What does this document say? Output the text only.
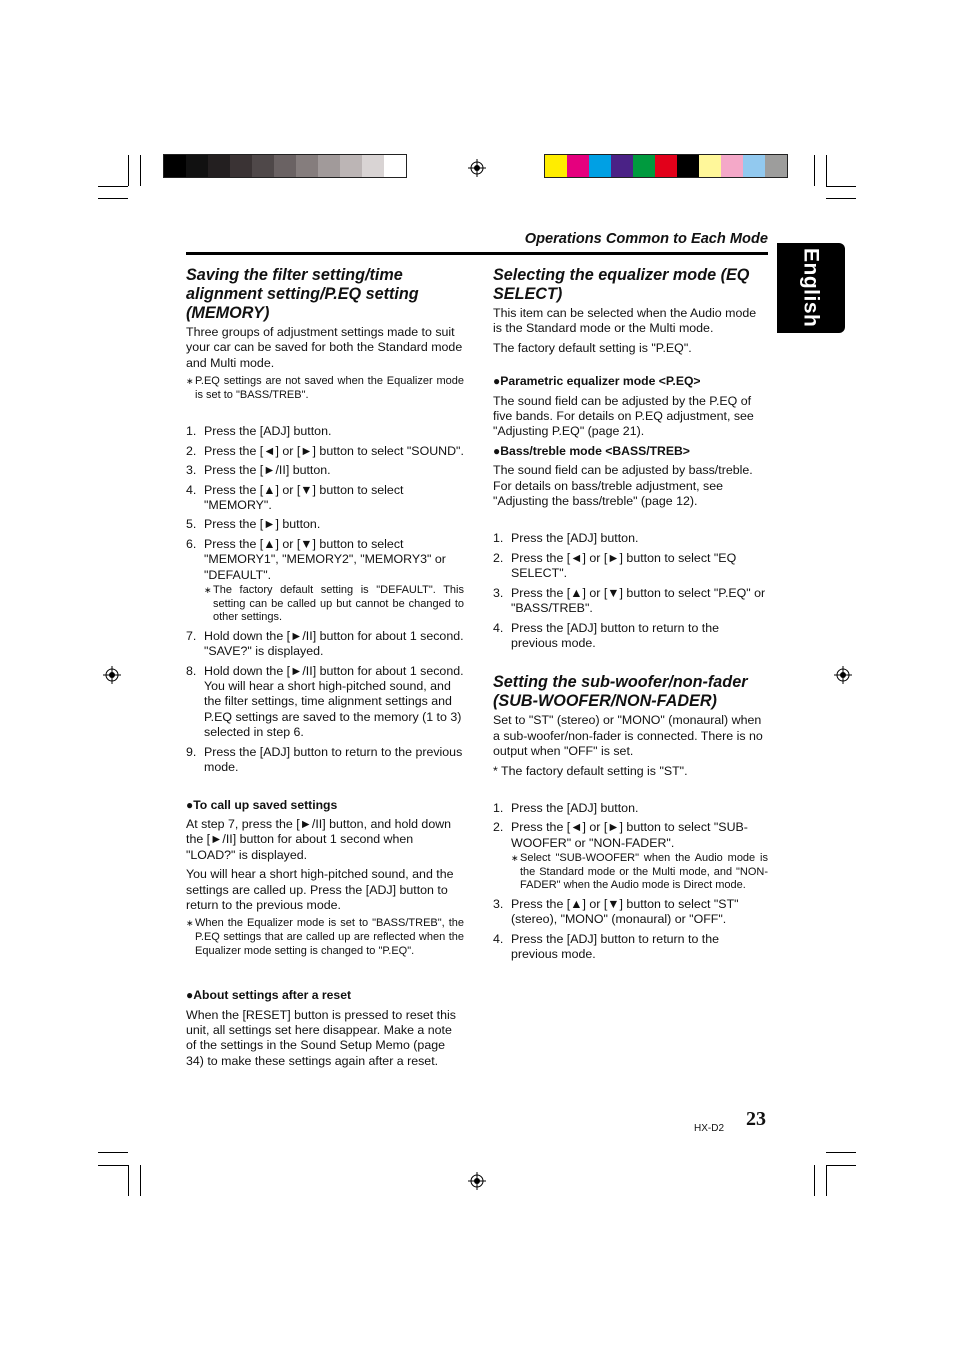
Operations Common to Each Mode
English
Saving the filter setting/time alignment setting/P.EQ setting (MEMORY)

Three groups of adjustment settings made to suit your car can be saved for both the Standard mode and Multi mode.

∗ P.EQ settings are not saved when the Equalizer mode is set to "BASS/TREB".

1. Press the [ADJ] button.
2. Press the [◄] or [►] button to select "SOUND".
3. Press the [►/II] button.
4. Press the [▲] or [▼] button to select "MEMORY".
5. Press the [►] button.
6. Press the [▲] or [▼] button to select "MEMORY1", "MEMORY2", "MEMORY3" or "DEFAULT".
∗ The factory default setting is "DEFAULT". This setting can be called up but cannot be changed to other settings.
7. Hold down the [►/II] button for about 1 second. "SAVE?" is displayed.
8. Hold down the [►/II] button for about 1 second. You will hear a short high-pitched sound, and the filter settings, time alignment settings and P.EQ settings are saved to the memory (1 to 3) selected in step 6.
9. Press the [ADJ] button to return to the previous mode.
●To call up saved settings

At step 7, press the [►/II] button, and hold down the [►/II] button for about 1 second when "LOAD?" is displayed.

You will hear a short high-pitched sound, and the settings are called up. Press the [ADJ] button to return to the previous mode.

∗ When the Equalizer mode is set to "BASS/TREB", the P.EQ settings that are called up are reflected when the Equalizer mode setting is changed to "P.EQ".

●About settings after a reset

When the [RESET] button is pressed to reset this unit, all settings set here disappear. Make a note of the settings in the Sound Setup Memo (page 34) to make these settings again after a reset.

Selecting the equalizer mode (EQ SELECT)

This item can be selected when the Audio mode is the Standard mode or the Multi mode.

The factory default setting is "P.EQ".

●Parametric equalizer mode <P.EQ>

The sound field can be adjusted by the P.EQ of five bands. For details on P.EQ adjustment, see "Adjusting P.EQ" (page 21).

●Bass/treble mode <BASS/TREB>

The sound field can be adjusted by bass/treble. For details on bass/treble adjustment, see "Adjusting the bass/treble" (page 12).

1. Press the [ADJ] button.
2. Press the [◄] or [►] button to select "EQ SELECT".
3. Press the [▲] or [▼] button to select "P.EQ" or "BASS/TREB".
4. Press the [ADJ] button to return to the previous mode.
Setting the sub-woofer/non-fader (SUB-WOOFER/NON-FADER)

Set to "ST" (stereo) or "MONO" (monaural) when a sub-woofer/non-fader is connected. There is no output when "OFF" is set.

* The factory default setting is "ST".

1. Press the [ADJ] button.
2. Press the [◄] or [►] button to select "SUB-WOOFER" or "NON-FADER".
∗ Select "SUB-WOOFER" when the Audio mode is the Standard mode or the Multi mode, and "NON-FADER" when the Audio mode is Direct mode.
3. Press the [▲] or [▼] button to select "ST" (stereo), "MONO" (monaural) or "OFF".
4. Press the [ADJ] button to return to the previous mode.
HX-D2 23
